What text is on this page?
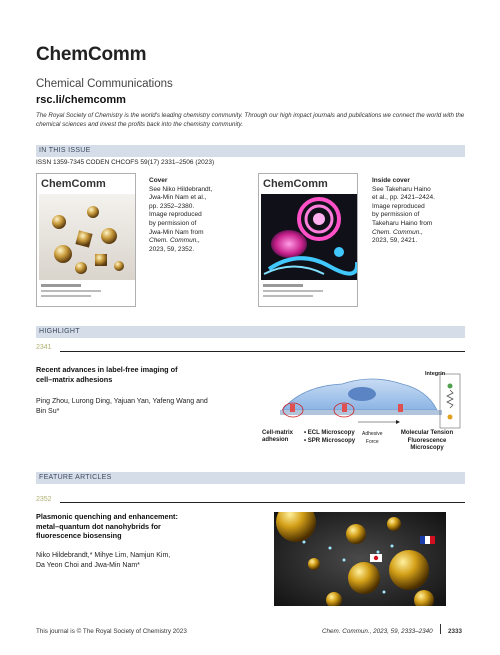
ChemComm
Chemical Communications
rsc.li/chemcomm
The Royal Society of Chemistry is the world's leading chemistry community. Through our high impact journals and publications we connect the world with the chemical sciences and invest the profits back into the chemistry community.
IN THIS ISSUE
ISSN 1359-7345 CODEN CHCOFS 59(17) 2331–2506 (2023)
ChemComm	Cover
See Niko Hildebrandt,
Jwa-Min Nam et al.,
pp. 2352–2380.
Image reproduced
by permission of
Jwa-Min Nam from
Chem. Commun.,
2023, 59, 2352.
ChemComm	Inside cover
See Takeharu Haino
et al., pp. 2421–2424.
Image reproduced
by permission of
Takeharu Haino from
Chem. Commun.,
2023, 59, 2421.
HIGHLIGHT
2341
Recent advances in label-free imaging of
cell–matrix adhesions
Ping Zhou, Lurong Ding, Yajuan Yan, Yafeng Wang and
Bin Su*
Integrin
Cell-matrix
adhesion
• ECL Microscopy
• SPR Microscopy
Adhesive
Force
Molecular Tension
Fluorescence
Microscopy
FEATURE ARTICLES
2352
Plasmonic quenching and enhancement:
metal–quantum dot nanohybrids for
fluorescence biosensing
Niko Hildebrandt,* Mihye Lim, Namjun Kim,
Da Yeon Choi and Jwa-Min Nam*
This journal is © The Royal Society of Chemistry 2023	Chem. Commun., 2023, 59, 2333–2340 2333
